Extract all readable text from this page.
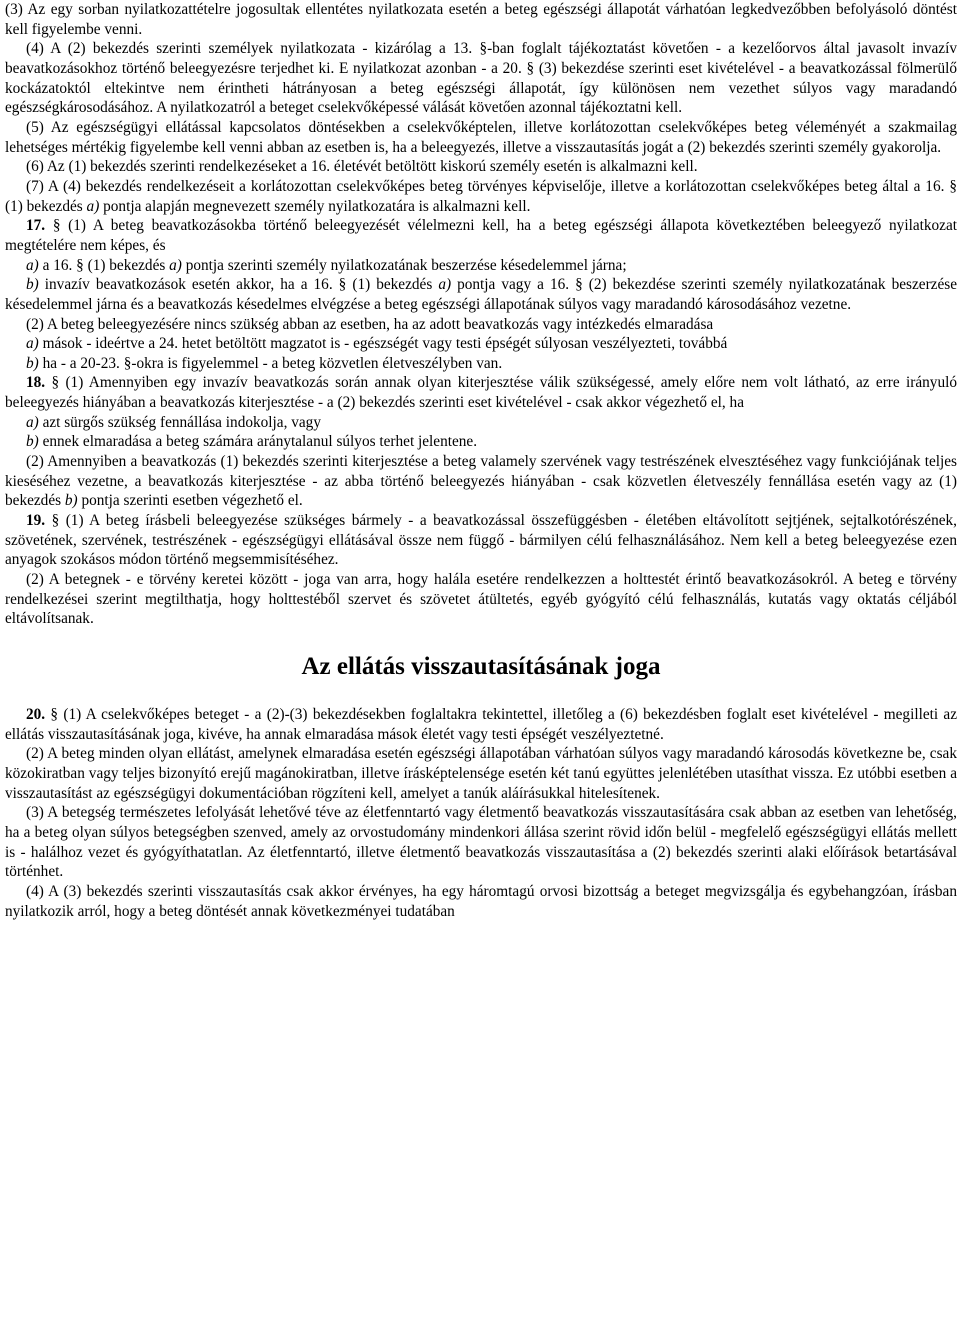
(3) Az egy sorban nyilatkozattételre jogosultak ellentétes nyilatkozata esetén a beteg egészségi állapotát várhatóan legkedvezőbben befolyásoló döntést kell figyelembe venni.

(4) A (2) bekezdés szerinti személyek nyilatkozata - kizárólag a 13. §-ban foglalt tájékoztatást követően - a kezelőorvos által javasolt invazív beavatkozásokhoz történő beleegyezésre terjedhet ki. E nyilatkozat azonban - a 20. § (3) bekezdése szerinti eset kivételével - a beavatkozással fölmerülő kockázatoktól eltekintve nem érintheti hátrányosan a beteg egészségi állapotát, így különösen nem vezethet súlyos vagy maradandó egészségkárosodásához. A nyilatkozatról a beteget cselekvőképessé válását követően azonnal tájékoztatni kell.

(5) Az egészségügyi ellátással kapcsolatos döntésekben a cselekvőképtelen, illetve korlátozottan cselekvőképes beteg véleményét a szakmailag lehetséges mértékig figyelembe kell venni abban az esetben is, ha a beleegyezés, illetve a visszautasítás jogát a (2) bekezdés szerinti személy gyakorolja.

(6) Az (1) bekezdés szerinti rendelkezéseket a 16. életévét betöltött kiskorú személy esetén is alkalmazni kell.

(7) A (4) bekezdés rendelkezéseit a korlátozottan cselekvőképes beteg törvényes képviselője, illetve a korlátozottan cselekvőképes beteg által a 16. § (1) bekezdés a) pontja alapján megnevezett személy nyilatkozatára is alkalmazni kell.

17. § (1) A beteg beavatkozásokba történő beleegyezését vélelmezni kell, ha a beteg egészségi állapota következtében beleegyező nyilatkozat megtételére nem képes, és

a) a 16. § (1) bekezdés a) pontja szerinti személy nyilatkozatának beszerzése késedelemmel járna;

b) invazív beavatkozások esetén akkor, ha a 16. § (1) bekezdés a) pontja vagy a 16. § (2) bekezdése szerinti személy nyilatkozatának beszerzése késedelemmel járna és a beavatkozás késedelmes elvégzése a beteg egészségi állapotának súlyos vagy maradandó károsodásához vezetne.

(2) A beteg beleegyezésére nincs szükség abban az esetben, ha az adott beavatkozás vagy intézkedés elmaradása

a) mások - ideértve a 24. hetet betöltött magzatot is - egészségét vagy testi épségét súlyosan veszélyezteti, továbbá

b) ha - a 20-23. §-okra is figyelemmel - a beteg közvetlen életveszélyben van.

18. § (1) Amennyiben egy invazív beavatkozás során annak olyan kiterjesztése válik szükségessé, amely előre nem volt látható, az erre irányuló beleegyezés hiányában a beavatkozás kiterjesztése - a (2) bekezdés szerinti eset kivételével - csak akkor végezhető el, ha

a) azt sürgős szükség fennállása indokolja, vagy

b) ennek elmaradása a beteg számára aránytalanul súlyos terhet jelentene.

(2) Amennyiben a beavatkozás (1) bekezdés szerinti kiterjesztése a beteg valamely szervének vagy testrészének elvesztéséhez vagy funkciójának teljes kieséséhez vezetne, a beavatkozás kiterjesztése - az abba történő beleegyezés hiányában - csak közvetlen életveszély fennállása esetén vagy az (1) bekezdés b) pontja szerinti esetben végezhető el.

19. § (1) A beteg írásbeli beleegyezése szükséges bármely - a beavatkozással összefüggésben - életében eltávolított sejtjének, sejtalkotórészének, szövetének, szervének, testrészének - egészségügyi ellátásával össze nem függő - bármilyen célú felhasználásához. Nem kell a beteg beleegyezése ezen anyagok szokásos módon történő megsemmisítéséhez.

(2) A betegnek - e törvény keretei között - joga van arra, hogy halála esetére rendelkezzen a holttestét érintő beavatkozásokról. A beteg e törvény rendelkezései szerint megtilthatja, hogy holttestéből szervet és szövetet átültetés, egyéb gyógyító célú felhasználás, kutatás vagy oktatás céljából eltávolítsanak.

Az ellátás visszautasításának joga

20. § (1) A cselekvőképes beteget - a (2)-(3) bekezdésekben foglaltakra tekintettel, illetőleg a (6) bekezdésben foglalt eset kivételével - megilleti az ellátás visszautasításának joga, kivéve, ha annak elmaradása mások életét vagy testi épségét veszélyeztetné.

(2) A beteg minden olyan ellátást, amelynek elmaradása esetén egészségi állapotában várhatóan súlyos vagy maradandó károsodás következne be, csak közokiratban vagy teljes bizonyító erejű magánokiratban, illetve írásképtelensége esetén két tanú együttes jelenlétében utasíthat vissza. Ez utóbbi esetben a visszautasítást az egészségügyi dokumentációban rögzíteni kell, amelyet a tanúk aláírásukkal hitelesítenek.

(3) A betegség természetes lefolyását lehetővé téve az életfenntartó vagy életmentő beavatkozás visszautasítására csak abban az esetben van lehetőség, ha a beteg olyan súlyos betegségben szenved, amely az orvostudomány mindenkori állása szerint rövid időn belül - megfelelő egészségügyi ellátás mellett is - halálhoz vezet és gyógyíthatatlan. Az életfenntartó, illetve életmentő beavatkozás visszautasítása a (2) bekezdés szerinti alaki előírások betartásával történhet.

(4) A (3) bekezdés szerinti visszautasítás csak akkor érvényes, ha egy háromtagú orvosi bizottság a beteget megvizsgálja és egybehangzóan, írásban nyilatkozik arról, hogy a beteg döntését annak következményei tudatában
